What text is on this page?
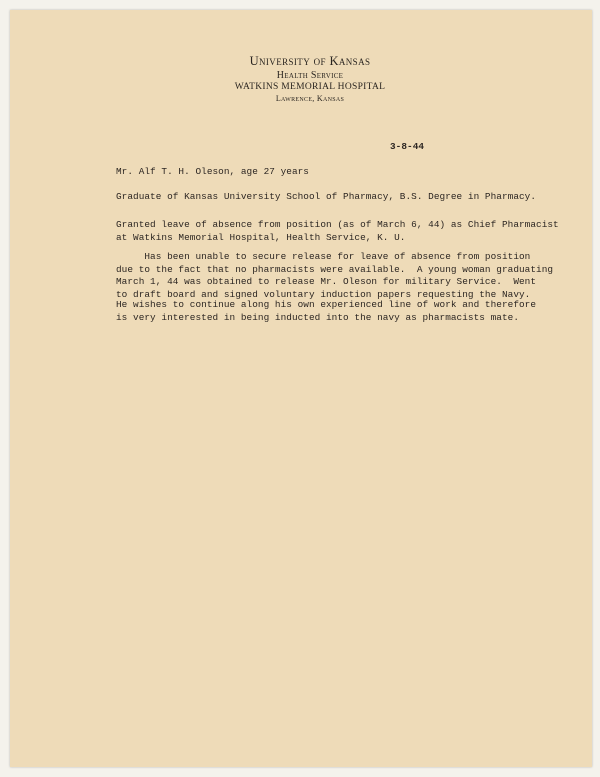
University of Kansas
Health Service
WATKINS MEMORIAL HOSPITAL
Lawrence, Kansas
3-8-44
Mr. Alf T. H. Oleson, age 27 years
Graduate of Kansas University School of Pharmacy, B.S. Degree in Pharmacy.
Granted leave of absence from position (as of March 6, 44) as Chief Pharmacist
at Watkins Memorial Hospital, Health Service, K. U.
Has been unable to secure release for leave of absence from position
due to the fact that no pharmacists were available.  A young woman graduating
March 1, 44 was obtained to release Mr. Oleson for military Service.  Went
to draft board and signed voluntary induction papers requesting the Navy.
He wishes to continue along his own experienced line of work and therefore
is very interested in being inducted into the navy as pharmacists mate.
